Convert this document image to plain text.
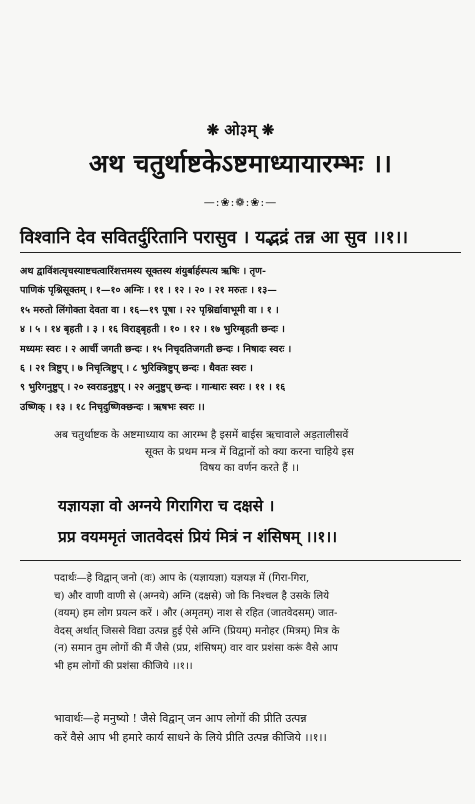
❋ ओ३म् ❋
अथ चतुर्थाष्टकेऽष्टमाध्यायारम्भः ।।
—:❀:❁:❀:—
विश्वानि देव सवितर्दुरितानि परासुव । यद्भद्रं तन्न आ सुव ।।१।।

अथ द्वाविंशत्यृचस्याष्टचत्वारिंशत्तमस्य सूक्तस्य शंयुर्बार्हस्पत्य ऋषिः । तृण-

पाणिकं पृश्निसूक्तम् । १—१० अग्निः । ११ । १२ । २० । २१ मरुतः । १३—

१५ मरुतो लिंगोक्ता देवता वा । १६—१९ पूषा । २२ पृश्निर्द्यावाभूमी वा । १ ।

४ । ५ । १४ बृहती । ३ । १६ विराड्बृहती । १० । १२ । १७ भुरिग्बृहती छन्दः ।

मध्यमः स्वरः । २ आर्ची जगती छन्दः । १५ निचृदतिजगती छन्दः । निषादः स्वरः ।

६ । २१ त्रिष्टुप् । ७ निचृत्त्रिष्टुप् । ८ भुरिक्त्रिष्टुप् छन्दः । धैवतः स्वरः ।

९ भुरिगनुष्टुप् । २० स्वराडनुष्टुप् । २२ अनुष्टुप् छन्दः । गान्धारः स्वरः । ११ । १६

उष्णिक् । १३ । १८ निचृदुष्णिक्छन्दः । ऋषभः स्वरः ।।

अब चतुर्थाष्टक के अष्टमाध्याय का आरम्भ है इसमें बाईस ऋचावाले अड़तालीसवें

सूक्त के प्रथम मन्त्र में विद्वानों को क्या करना चाहिये इस

विषय का वर्णन करते हैं ।।

यज्ञायज्ञा वो अग्नये गिरागिरा च दक्षसे ।
प्रप्र वयममृतं जातवेदसं प्रियं मित्रं न शंसिषम् ।।१।।

पदार्थः—हे विद्वान् जनो (वः) आप के (यज्ञायज्ञा) यज्ञयज्ञ में (गिरा-गिरा,

च) और वाणी वाणी से (अग्नये) अग्नि (दक्षसे) जो कि निश्चल है उसके लिये

(वयम्) हम लोग प्रयत्न करें । और (अमृतम्) नाश से रहित (जातवेदसम्) जात-

वेदस् अर्थात् जिससे विद्या उत्पन्न हुई ऐसे अग्नि (प्रियम्) मनोहर (मित्रम्) मित्र के

(न) समान तुम लोगों की मैं जैसे (प्रप्र, शंसिषम्) वार वार प्रशंसा करूं वैसे आप

भी हम लोगों की प्रशंसा कीजिये ।।१।।

भावार्थः—हे मनुष्यो ! जैसे विद्वान् जन आप लोगों की प्रीति उत्पन्न

करें वैसे आप भी हमारे कार्य साधने के लिये प्रीति उत्पन्न कीजिये ।।१।।
